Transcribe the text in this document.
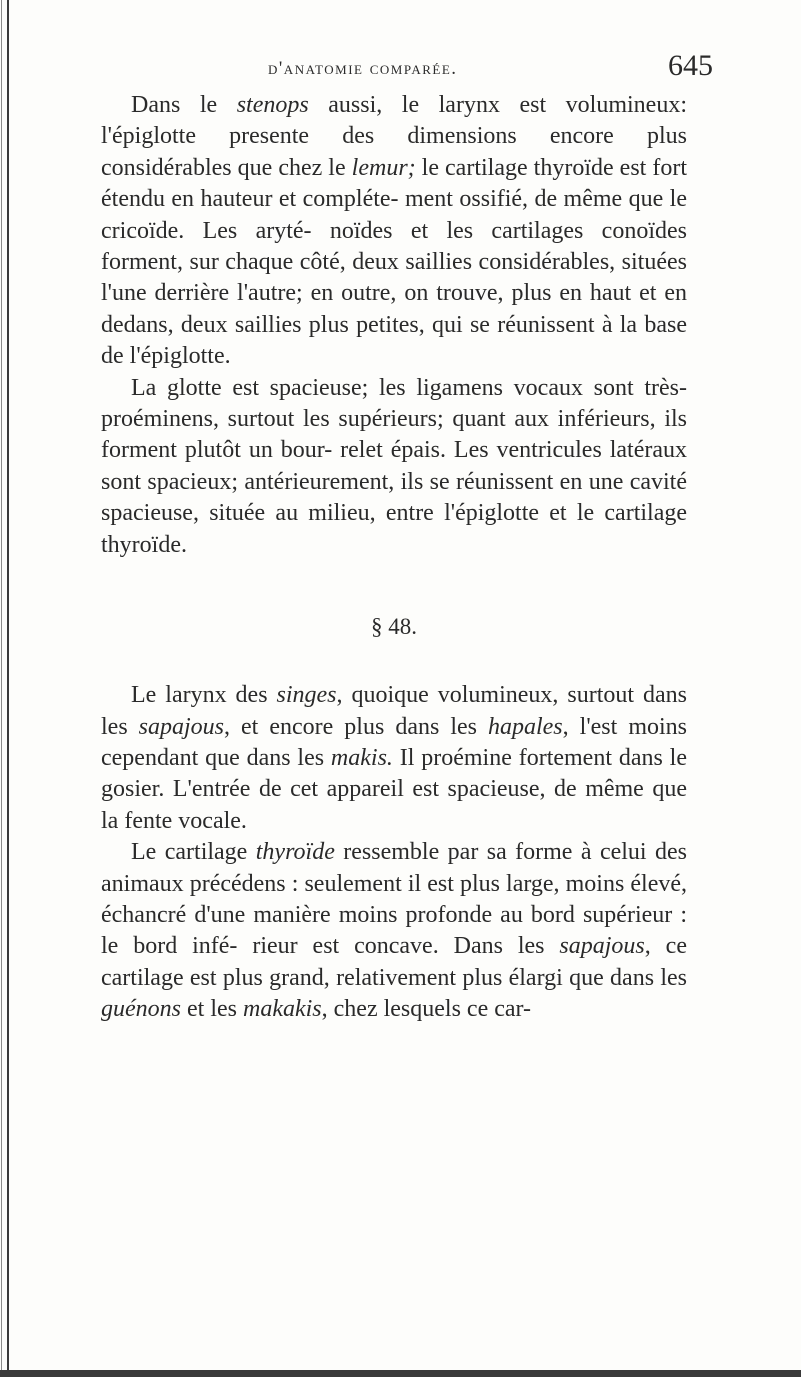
d'anatomie comparée.	645

Dans le stenops aussi, le larynx est volumineux: l'épiglotte presente des dimensions encore plus considérables que chez le lemur; le cartilage thyroïde est fort étendu en hauteur et compléte- ment ossifié, de même que le cricoïde. Les aryté- noïdes et les cartilages conoïdes forment, sur chaque côté, deux saillies considérables, situées l'une derrière l'autre; en outre, on trouve, plus en haut et en dedans, deux saillies plus petites, qui se réunissent à la base de l'épiglotte.

La glotte est spacieuse; les ligamens vocaux sont très-proéminens, surtout les supérieurs; quant aux inférieurs, ils forment plutôt un bour- relet épais. Les ventricules latéraux sont spacieux; antérieurement, ils se réunissent en une cavité spacieuse, située au milieu, entre l'épiglotte et le cartilage thyroïde.

§ 48.

Le larynx des singes, quoique volumineux, surtout dans les sapajous, et encore plus dans les hapales, l'est moins cependant que dans les makis. Il proémine fortement dans le gosier. L'entrée de cet appareil est spacieuse, de même que la fente vocale.

Le cartilage thyroïde ressemble par sa forme à celui des animaux précédens : seulement il est plus large, moins élevé, échancré d'une manière moins profonde au bord supérieur : le bord infé- rieur est concave. Dans les sapajous, ce cartilage est plus grand, relativement plus élargi que dans les guénons et les makakis, chez lesquels ce car-
